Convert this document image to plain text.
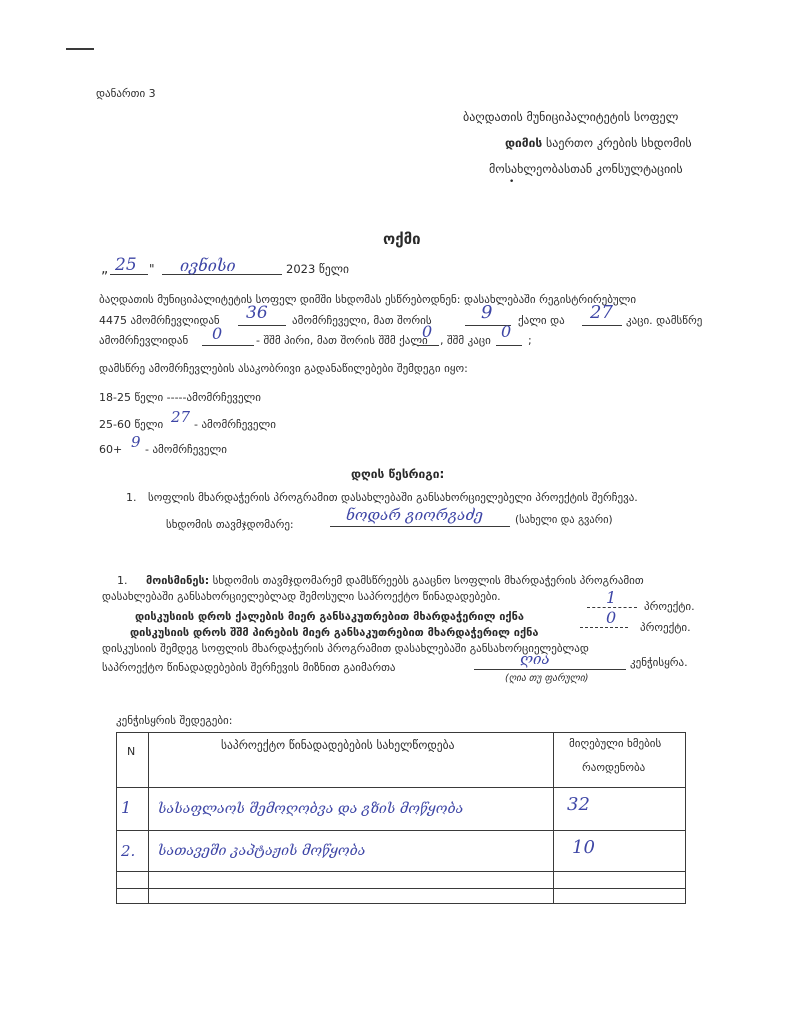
დანართი 3
ბაღდათის მუნიციპალიტეტის სოფელ
დიმის საერთო კრების სხდომის
მოსახლეობასთან კონსულტაციის
•
ოქმი
„ 25 " ივნისი	2023 წელი
ბაღდათის მუნიციპალიტეტის სოფელ დიმში სხდომას ესწრებოდნენ: დასახლებაში რეგისტრირებული
4475 ამომრჩევლიდან 36 ამომრჩეველი, მათ შორის	9 ქალი და 27 კაცი. დამსწრე
ამომრჩევლიდან 0	- შშმ პირი, მათ შორის შშმ ქალი
0 , შშმ კაცი 0 ;
დამსწრე ამომრჩევლების ასაკობრივი გადანაწილებები შემდეგი იყო:
18-25 წელი -----ამომრჩეველი
25-60 წელი 27 - ამომრჩეველი
60+ 9 - ამომრჩეველი
დღის წესრიგი:
1. სოფლის მხარდაჭერის პროგრამით დასახლებაში განსახორციელებელი პროექტის შერჩევა.
სხდომის თავმჯდომარე:
ნოდარ გიორგაძე	(სახელი და გვარი)
1. მოისმინეს: სხდომის თავმჯდომარემ დამსწრეებს გააცნო სოფლის მხარდაჭერის პროგრამით
დასახლებაში განსახორციელებლად შემოსული საპროექტო წინადადებები.
დისკუსიის დროს ქალების მიერ განსაკუთრებით მხარდაჭერილ იქნა
1	პროექტი.
დისკუსიის დროს შშმ პირების მიერ განსაკუთრებით მხარდაჭერილ იქნა
0
პროექტი.
დისკუსიის შემდეგ სოფლის მხარდაჭერის პროგრამით დასახლებაში განსახორციელებლად
საპროექტო წინადადებების შერჩევის მიზნით გაიმართა	ღია	კენჭისყრა.
(ღია თუ ფარული)
კენჭისყრის შედეგები:
N	საპროექტო წინადადებების სახელწოდება	მიღებული ხმების
რაოდენობა
1 სასაფლაოს შემოღობვა და გზის მოწყობა	32
2. სათავეში კაპტაჟის მოწყობა	10
